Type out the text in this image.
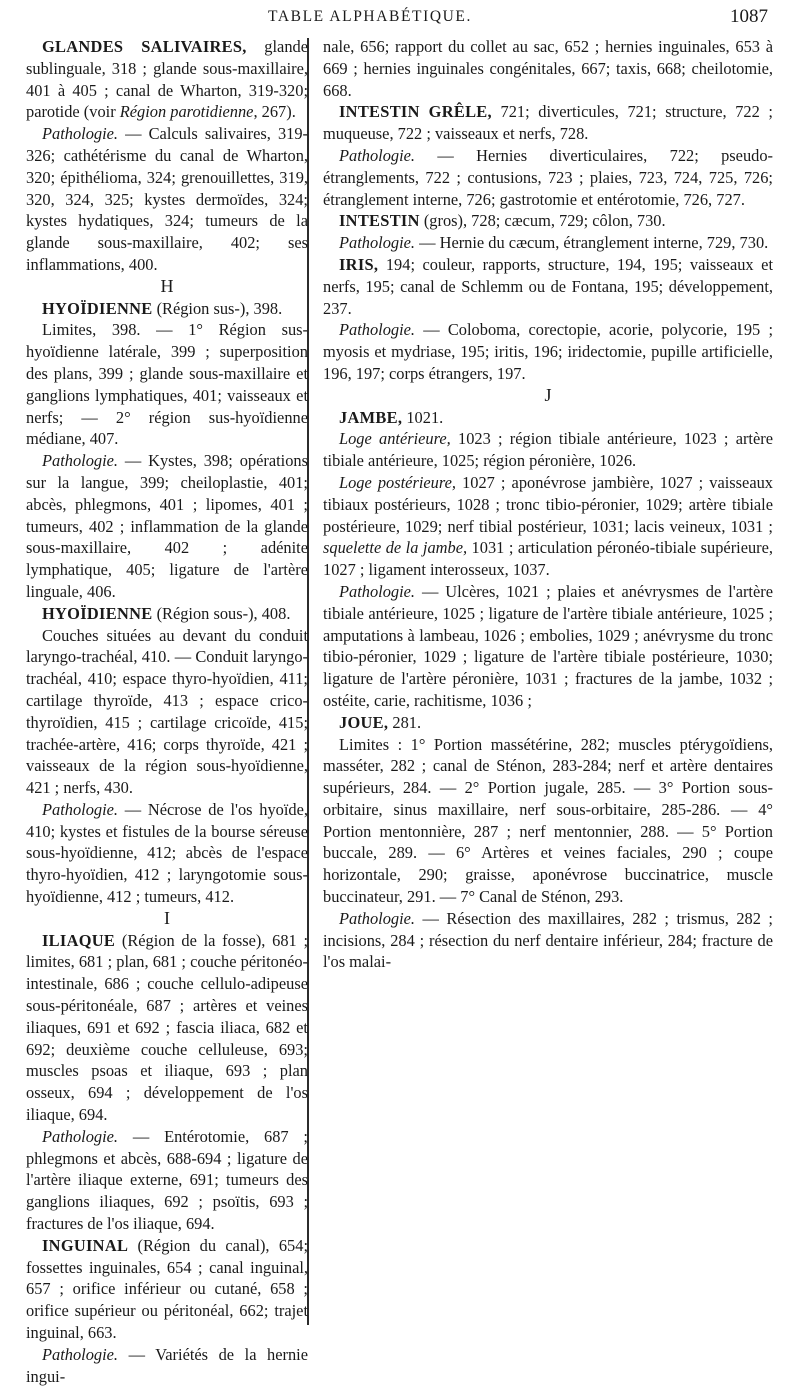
TABLE ALPHABÉTIQUE.	1087

GLANDES SALIVAIRES, glande sublinguale, 318 ; glande sous-maxillaire, 401 à 405 ; canal de Wharton, 319-320; parotide (voir Région parotidienne, 267).

Pathologie. — Calculs salivaires, 319-326; cathétérisme du canal de Wharton, 320; épithélioma, 324; grenouillettes, 319, 320, 324, 325; kystes dermoïdes, 324; kystes hydatiques, 324; tumeurs de la glande sous-maxillaire, 402; ses inflammations, 400.

H

HYOÏDIENNE (Région sus-), 398.

Limites, 398. — 1° Région sus-hyoïdienne latérale, 399 ; superposition des plans, 399 ; glande sous-maxillaire et ganglions lymphatiques, 401; vaisseaux et nerfs; — 2° région sus-hyoïdienne médiane, 407.

Pathologie. — Kystes, 398; opérations sur la langue, 399; cheiloplastie, 401; abcès, phlegmons, 401 ; lipomes, 401 ; tumeurs, 402 ; inflammation de la glande sous-maxillaire, 402 ; adénite lymphatique, 405; ligature de l'artère linguale, 406.

HYOÏDIENNE (Région sous-), 408.

Couches situées au devant du conduit laryngo-trachéal, 410. — Conduit laryngo-trachéal, 410; espace thyro-hyoïdien, 411; cartilage thyroïde, 413 ; espace crico-thyroïdien, 415 ; cartilage cricoïde, 415; trachée-artère, 416; corps thyroïde, 421 ; vaisseaux de la région sous-hyoïdienne, 421 ; nerfs, 430.

Pathologie. — Nécrose de l'os hyoïde, 410; kystes et fistules de la bourse séreuse sous-hyoïdienne, 412; abcès de l'espace thyro-hyoïdien, 412 ; laryngotomie sous-hyoïdienne, 412 ; tumeurs, 412.

I

ILIAQUE (Région de la fosse), 681 ; limites, 681 ; plan, 681 ; couche péritonéo-intestinale, 686 ; couche cellulo-adipeuse sous-péritonéale, 687 ; artères et veines iliaques, 691 et 692 ; fascia iliaca, 682 et 692; deuxième couche celluleuse, 693; muscles psoas et iliaque, 693 ; plan osseux, 694 ; développement de l'os iliaque, 694.

Pathologie. — Entérotomie, 687 ; phlegmons et abcès, 688-694 ; ligature de l'artère iliaque externe, 691; tumeurs des ganglions iliaques, 692 ; psoïtis, 693 ; fractures de l'os iliaque, 694.

INGUINAL (Région du canal), 654; fossettes inguinales, 654 ; canal inguinal, 657 ; orifice inférieur ou cutané, 658 ; orifice supérieur ou péritonéal, 662; trajet inguinal, 663.

Pathologie. — Variétés de la hernie ingui-

nale, 656; rapport du collet au sac, 652 ; hernies inguinales, 653 à 669 ; hernies inguinales congénitales, 667; taxis, 668; cheilotomie, 668.

INTESTIN GRÊLE, 721; diverticules, 721; structure, 722 ; muqueuse, 722 ; vaisseaux et nerfs, 728.

Pathologie. — Hernies diverticulaires, 722; pseudo-étranglements, 722 ; contusions, 723 ; plaies, 723, 724, 725, 726; étranglement interne, 726; gastrotomie et entérotomie, 726, 727.

INTESTIN (gros), 728; cæcum, 729; côlon, 730.

Pathologie. — Hernie du cæcum, étranglement interne, 729, 730.

IRIS, 194; couleur, rapports, structure, 194, 195; vaisseaux et nerfs, 195; canal de Schlemm ou de Fontana, 195; développement, 237.

Pathologie. — Coloboma, corectopie, acorie, polycorie, 195 ; myosis et mydriase, 195; iritis, 196; iridectomie, pupille artificielle, 196, 197; corps étrangers, 197.

J

JAMBE, 1021.

Loge antérieure, 1023 ; région tibiale antérieure, 1023 ; artère tibiale antérieure, 1025; région péronière, 1026.

Loge postérieure, 1027 ; aponévrose jambière, 1027 ; vaisseaux tibiaux postérieurs, 1028 ; tronc tibio-péronier, 1029; artère tibiale postérieure, 1029; nerf tibial postérieur, 1031; lacis veineux, 1031 ; squelette de la jambe, 1031 ; articulation péronéo-tibiale supérieure, 1027 ; ligament interosseux, 1037.

Pathologie. — Ulcères, 1021 ; plaies et anévrysmes de l'artère tibiale antérieure, 1025 ; ligature de l'artère tibiale antérieure, 1025 ; amputations à lambeau, 1026 ; embolies, 1029 ; anévrysme du tronc tibio-péronier, 1029 ; ligature de l'artère tibiale postérieure, 1030; ligature de l'artère péronière, 1031 ; fractures de la jambe, 1032 ; ostéite, carie, rachitisme, 1036 ;

JOUE, 281.

Limites : 1° Portion massétérine, 282; muscles ptérygoïdiens, masséter, 282 ; canal de Sténon, 283-284; nerf et artère dentaires supérieurs, 284. — 2° Portion jugale, 285. — 3° Portion sous-orbitaire, sinus maxillaire, nerf sous-orbitaire, 285-286. — 4° Portion mentonnière, 287 ; nerf mentonnier, 288. — 5° Portion buccale, 289. — 6° Artères et veines faciales, 290 ; coupe horizontale, 290; graisse, aponévrose buccinatrice, muscle buccinateur, 291. — 7° Canal de Sténon, 293.

Pathologie. — Résection des maxillaires, 282 ; trismus, 282 ; incisions, 284 ; résection du nerf dentaire inférieur, 284; fracture de l'os malai-
